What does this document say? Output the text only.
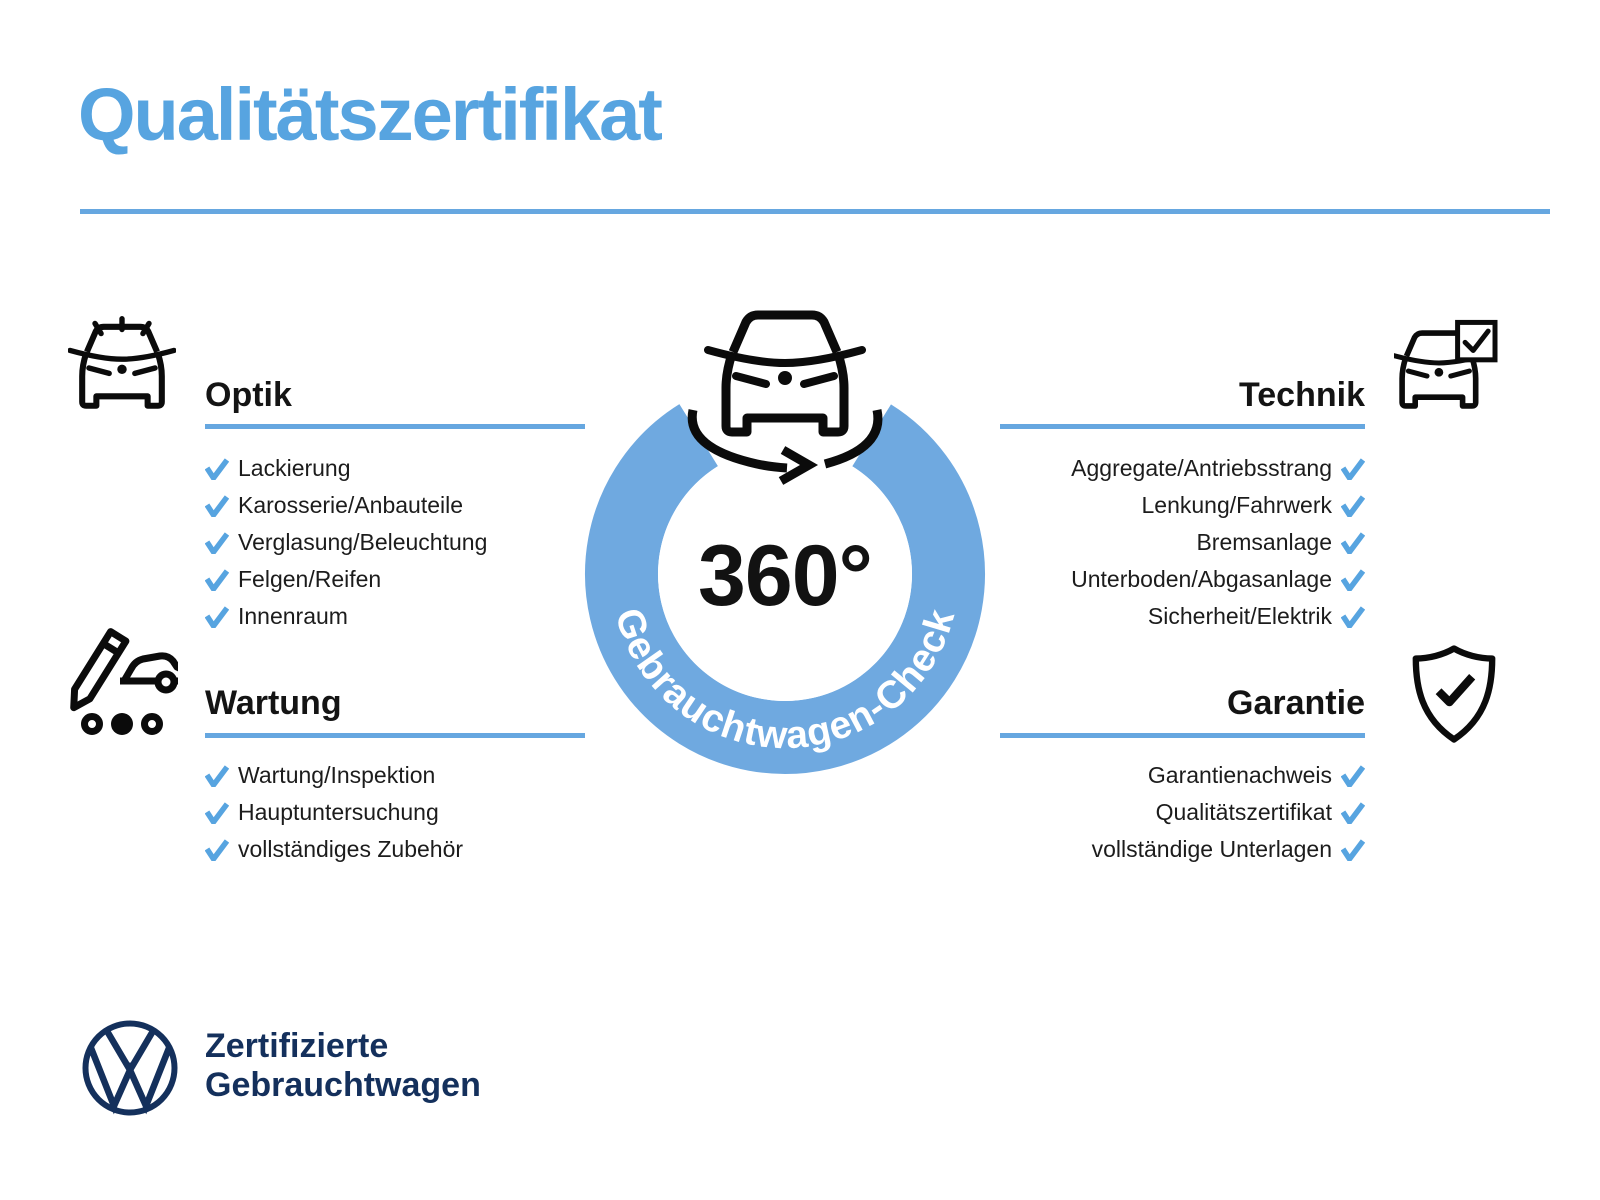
Qualitätszertifikat
Optik
Lackierung
Karosserie/Anbauteile
Verglasung/Beleuchtung
Felgen/Reifen
Innenraum
Wartung
Wartung/Inspektion
Hauptuntersuchung
vollständiges Zubehör
Technik
Aggregate/Antriebsstrang
Lenkung/Fahrwerk
Bremsanlage
Unterboden/Abgasanlage
Sicherheit/Elektrik
Garantie
Garantienachweis
Qualitätszertifikat
vollständige Unterlagen
360°
Gebrauchtwagen-Check
Zertifizierte
Gebrauchtwagen
